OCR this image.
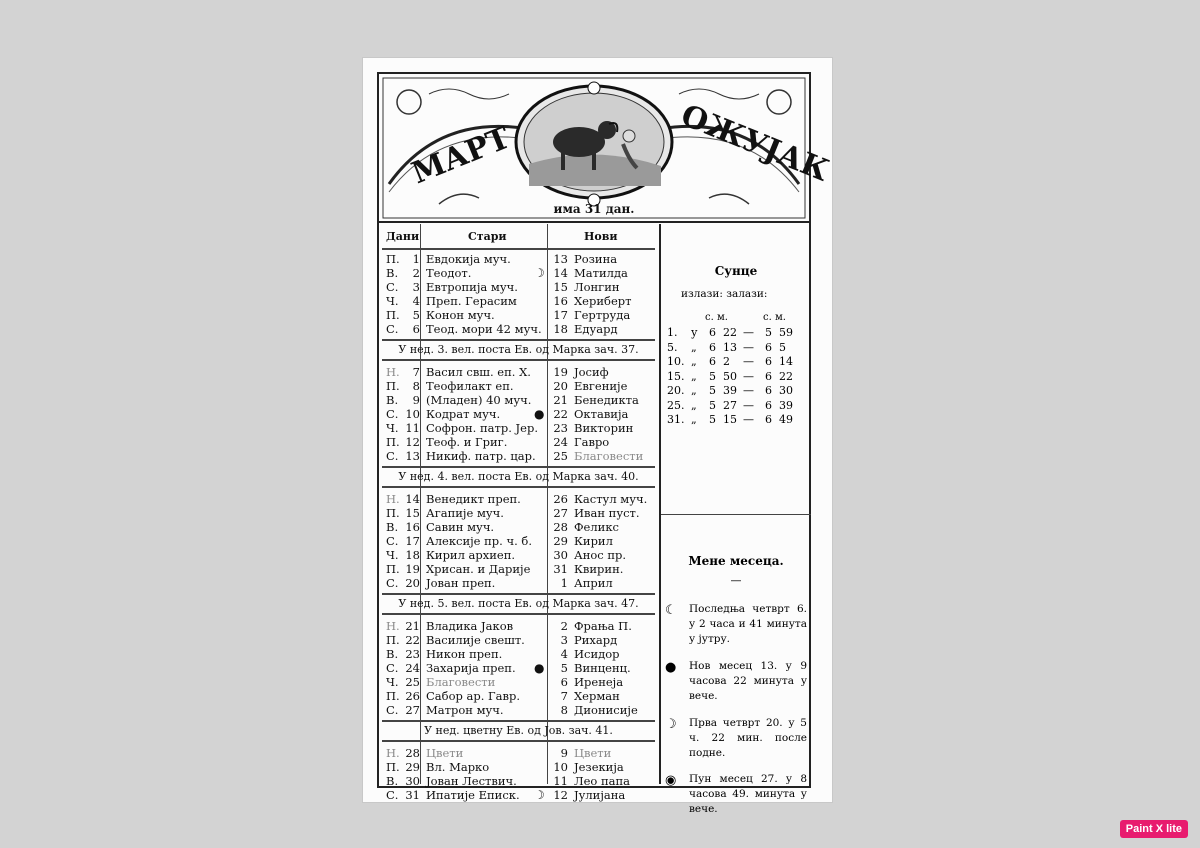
МАРТ	ОЖУЈАК
има 31 дан.
Дани	Стари	Нови
П.	1 Евдокија муч.	13 Розина
В.	2 Теодот.	☽ 14 Матилда
С.	3 Евтропија муч.	15 Лонгин
Ч.	4 Преп. Герасим	16 Хериберт
П.	5 Конон муч.	17 Гертруда
С.	6 Теод. мори 42 муч.	18 Едуард
У нед. 3. вел. поста Ев. од Марка зач. 37.
Н.	7 Васил свш. еп. Х.	19 Јосиф
П.	8 Теофилакт еп.	20 Евгеније
В.	9 (Младен) 40 муч.	21 Бенедикта
С. 10 Кодрат муч.	● 22 Октавија
Ч. 11 Софрон. патр. Јер.	23 Викторин
П. 12 Теоф. и Григ.	24 Гавро
С. 13 Никиф. патр. цар.	25 Благовести
У нед. 4. вел. поста Ев. од Марка зач. 40.
Н. 14 Венедикт преп.	26 Кастул муч.
П. 15 Агапије муч.	27 Иван пуст.
В. 16 Савин муч.	28 Феликс
С. 17 Алексије пр. ч. б.	29 Кирил
Ч. 18 Кирил архиеп.	30 Анос пр.
П. 19 Хрисан. и Дарије	31 Квирин.
С. 20 Јован преп.	1 Април
У нед. 5. вел. поста Ев. од Марка зач. 47.
Н. 21 Владика Јаков	2 Фрања П.
П. 22 Василије свешт.	3 Рихард
В. 23 Никон преп.	4 Исидор
С. 24 Захарија преп.	●	5 Винценц.
Ч. 25 Благовести	6 Иренеја
П. 26 Сабор ар. Гавр.	7 Херман
С. 27 Матрон муч.	8 Дионисије
У нед. цветну Ев. од Јов. зач. 41.
Н. 28 Цвети	9 Цвети
П. 29 Вл. Марко	10 Језекија
В. 30 Јован Лествич.	11 Лео папа
С. 31 Ипатије Еписк.	☽ 12 Јулијана
Сунце
излази: залази:
с. м.	с. м.
1. у 6 22 — 5 59
5. „ 6 13 — 6 5
10. „ 6 2 — 6 14
15. „ 5 50 — 6 22
20. „ 5 39 — 6 30
25. „ 5 27 — 6 39
31. „ 5 15 — 6 49
Мене месеца.
—
☾ Последња четврт 6. у 2 часа и 41 минута у јутру.
● Нов месец 13. у 9 часова 22 минута у вече.
☽ Прва четврт 20. у 5 ч. 22 мин. после подне.
◉ Пун месец 27. у 8 часова 49. минута у вече.
Paint X lite
